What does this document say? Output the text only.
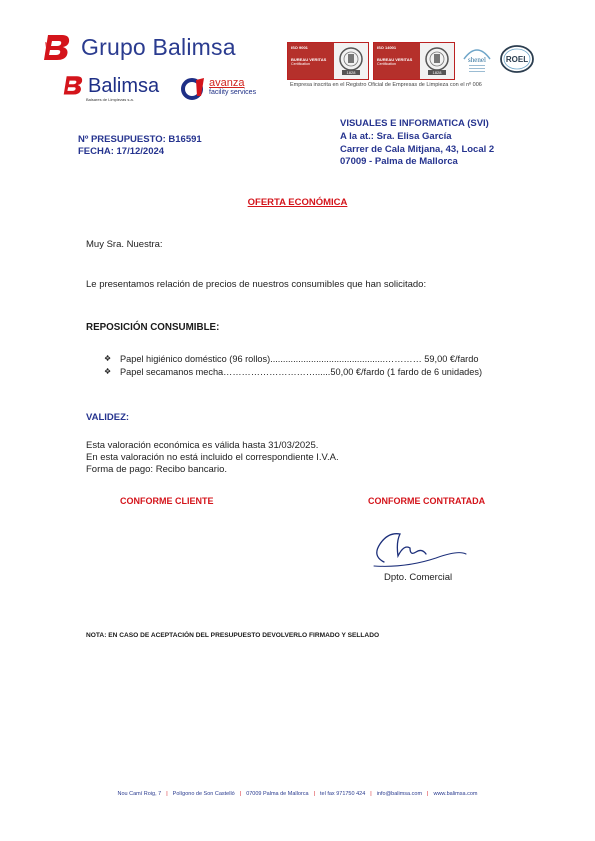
Grupo Balimsa
Balimsa
Balsares de Limpiezas s.a.
avanza
facility services
ISO 9001
BUREAU VERITAS
Certification
1828
ISO 14001
BUREAU VERITAS
Certification
1828
shenel ROEL
Empresa inscrita en el Registro Oficial de Empresas de Limpieza con el nº 006
Nº PRESUPUESTO: B16591
FECHA: 17/12/2024
VISUALES E INFORMATICA (SVI)
A la at.: Sra. Elisa García
Carrer de Cala Mitjana, 43, Local 2
07009 - Palma de Mallorca
OFERTA ECONÓMICA
Muy Sra. Nuestra:
Le presentamos relación de precios de nuestros consumibles que han solicitado:
REPOSICIÓN CONSUMIBLE:
❖ Papel higiénico doméstico (96 rollos).............................................………… 59,00 €/fardo
❖ Papel secamanos mecha…………………………......50,00 €/fardo (1 fardo de 6 unidades)
VALIDEZ:
Esta valoración económica es válida hasta 31/03/2025.
En esta valoración no está incluido el correspondiente I.V.A.
Forma de pago: Recibo bancario.
CONFORME CLIENTE	CONFORME CONTRATADA
Dpto. Comercial
NOTA: EN CASO DE ACEPTACIÓN DEL PRESUPUESTO DEVOLVERLO FIRMADO Y SELLADO
Nou Camí Roig, 7 | Polígono de Son Castelló | 07009 Palma de Mallorca | tel fax 971750 424 | info@balimsa.com | www.balimsa.com
